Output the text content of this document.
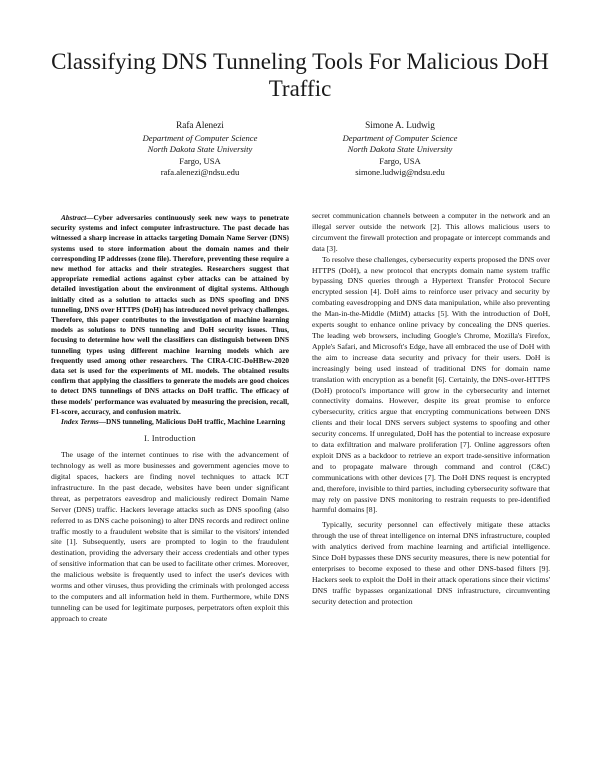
Classifying DNS Tunneling Tools For Malicious DoH Traffic
Rafa Alenezi
Department of Computer Science
North Dakota State University
Fargo, USA
rafa.alenezi@ndsu.edu
Simone A. Ludwig
Department of Computer Science
North Dakota State University
Fargo, USA
simone.ludwig@ndsu.edu

Abstract—Cyber adversaries continuously seek new ways to penetrate security systems and infect computer infrastructure. The past decade has witnessed a sharp increase in attacks targeting Domain Name Server (DNS) systems used to store information about the domain names and their corresponding IP addresses (zone file). Therefore, preventing these require a new method for attacks and their strategies. Researchers suggest that appropriate remedial actions against cyber attacks can be attained by detailed investigation about the environment of digital systems. Although initially cited as a solution to attacks such as DNS spoofing and DNS tunneling, DNS over HTTPS (DoH) has introduced novel privacy challenges. Therefore, this paper contributes to the investigation of machine learning models as solutions to DNS tunneling and DoH security issues. Thus, focusing to determine how well the classifiers can distinguish between DNS tunneling types using different machine learning models which are frequently used among other researchers. The CIRA-CIC-DoHBrw-2020 data set is used for the experiments of ML models. The obtained results confirm that applying the classifiers to generate the models are good choices to detect DNS tunnelings of DNS attacks on DoH traffic. The efficacy of these models' performance was evaluated by measuring the precision, recall, F1-score, accuracy, and confusion matrix.

Index Terms—DNS tunneling, Malicious DoH traffic, Machine Learning

I. Introduction

The usage of the internet continues to rise with the advancement of technology as well as more businesses and government agencies move to digital spaces, hackers are finding novel techniques to attack ICT infrastructure. In the past decade, websites have been under significant threat, as perpetrators eavesdrop and maliciously redirect Domain Name Server (DNS) traffic. Hackers leverage attacks such as DNS spoofing (also referred to as DNS cache poisoning) to alter DNS records and redirect online traffic mostly to a fraudulent website that is similar to the visitors' intended site [1]. Subsequently, users are prompted to login to the fraudulent destination, providing the adversary their access credentials and other types of sensitive information that can be used to facilitate other crimes. Moreover, the malicious website is frequently used to infect the user's devices with worms and other viruses, thus providing the criminals with prolonged access to the computers and all information held in them. Furthermore, while DNS tunneling can be used for legitimate purposes, perpetrators often exploit this approach to create

secret communication channels between a computer in the network and an illegal server outside the network [2]. This allows malicious users to circumvent the firewall protection and propagate or intercept commands and data [3].

To resolve these challenges, cybersecurity experts proposed the DNS over HTTPS (DoH), a new protocol that encrypts domain name system traffic bypassing DNS queries through a Hypertext Transfer Protocol Secure encrypted session [4]. DoH aims to reinforce user privacy and security by combating eavesdropping and DNS data manipulation, while also preventing the Man-in-the-Middle (MitM) attacks [5]. With the introduction of DoH, experts sought to enhance online privacy by concealing the DNS queries. The leading web browsers, including Google's Chrome, Mozilla's Firefox, Apple's Safari, and Microsoft's Edge, have all embraced the use of DoH with the aim to increase data security and privacy for their users. DoH is increasingly being used instead of traditional DNS for domain name translation with encryption as a benefit [6]. Certainly, the DNS-over-HTTPS (DoH) protocol's importance will grow in the cybersecurity and internet connectivity domains. However, despite its great promise to enforce cybersecurity, critics argue that encrypting communications between DNS clients and their local DNS servers subject systems to spoofing and other security concerns. If unregulated, DoH has the potential to increase exposure to data exfiltration and malware proliferation [7]. Online aggressors often exploit DNS as a backdoor to retrieve an export trade-sensitive information and to propagate malware through command and control (C&C) communications with other devices [7]. The DoH DNS request is encrypted and, therefore, invisible to third parties, including cybersecurity software that may rely on passive DNS monitoring to restrain requests to pre-identified harmful domains [8].

Typically, security personnel can effectively mitigate these attacks through the use of threat intelligence on internal DNS infrastructure, coupled with analytics derived from machine learning and artificial intelligence. Since DoH bypasses these DNS security measures, there is new potential for enterprises to become exposed to these and other DNS-based filters [9]. Hackers seek to exploit the DoH in their attack operations since their victims' DNS traffic bypasses organizational DNS infrastructure, circumventing security detection and protection
